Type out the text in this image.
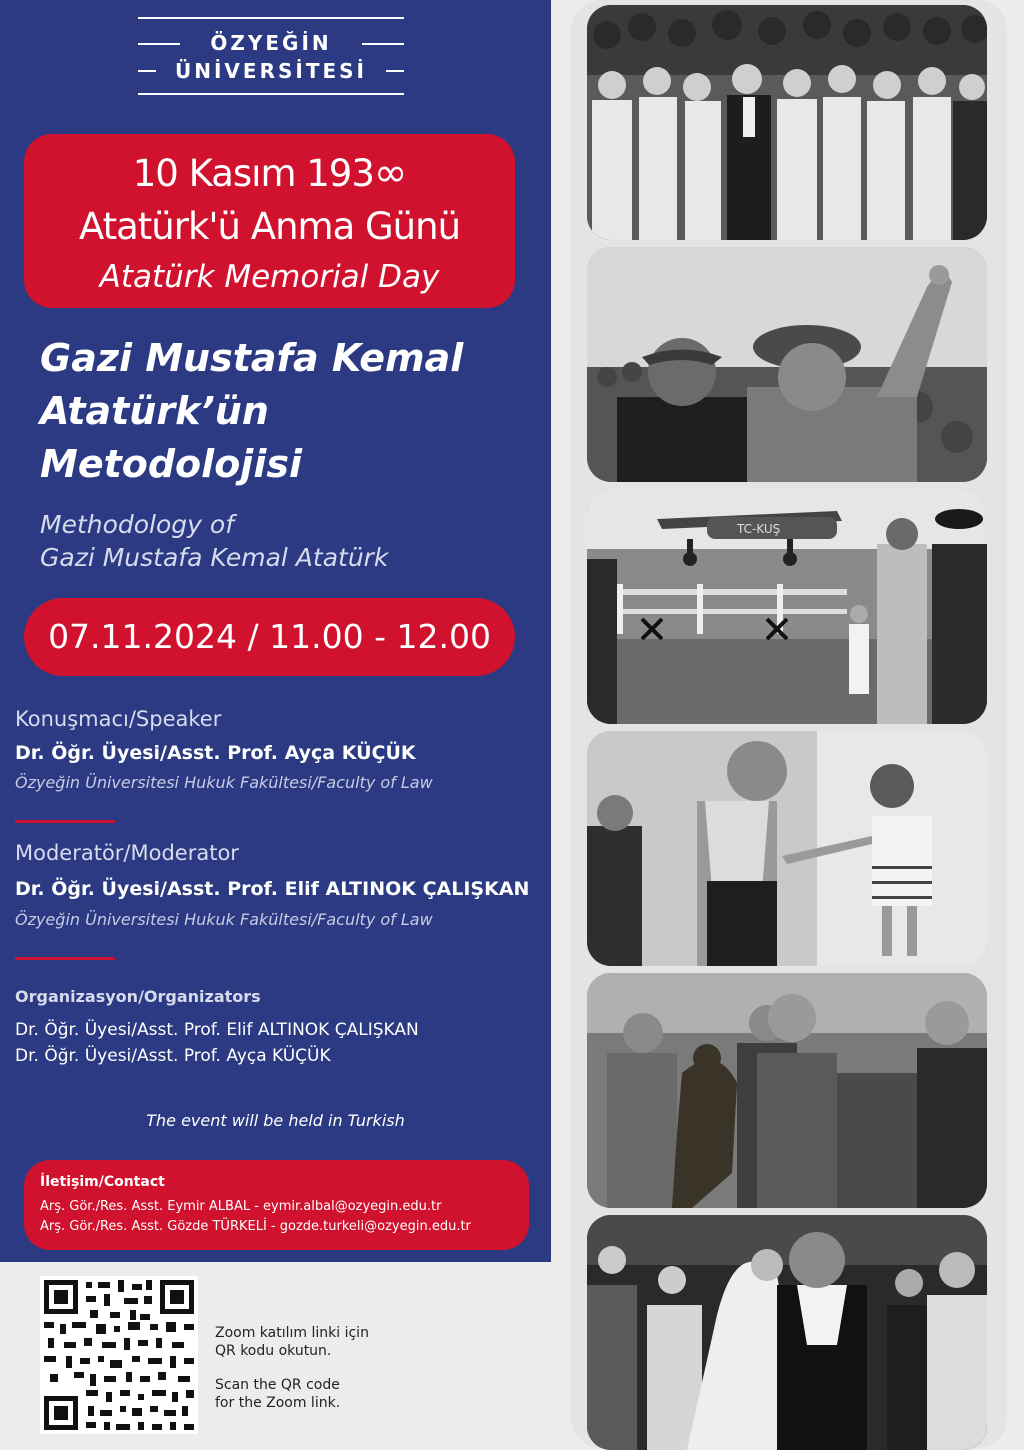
ÖZYEĞİN
ÜNİVERSİTESİ
10 Kasım 193∞
Atatürk'ü Anma Günü
Atatürk Memorial Day
Gazi Mustafa Kemal
Atatürk’ün
Metodolojisi
Methodology of
Gazi Mustafa Kemal Atatürk
07.11.2024 / 11.00 - 12.00
Konuşmacı/Speaker
Dr. Öğr. Üyesi/Asst. Prof. Ayça KÜÇÜK
Özyeğin Üniversitesi Hukuk Fakültesi/Faculty of Law
Moderatör/Moderator
Dr. Öğr. Üyesi/Asst. Prof. Elif ALTINOK ÇALIŞKAN
Özyeğin Üniversitesi Hukuk Fakültesi/Faculty of Law
Organizasyon/Organizators
Dr. Öğr. Üyesi/Asst. Prof. Elif ALTINOK ÇALIŞKAN
Dr. Öğr. Üyesi/Asst. Prof. Ayça KÜÇÜK
The event will be held in Turkish
İletişim/Contact
Arş. Gör./Res. Asst. Eymir ALBAL - eymir.albal@ozyegin.edu.tr
Arş. Gör./Res. Asst. Gözde TÜRKELİ - gozde.turkeli@ozyegin.edu.tr
Zoom katılım linki için
QR kodu okutun.
Scan the QR code
for the Zoom link.
TC-KUŞ
